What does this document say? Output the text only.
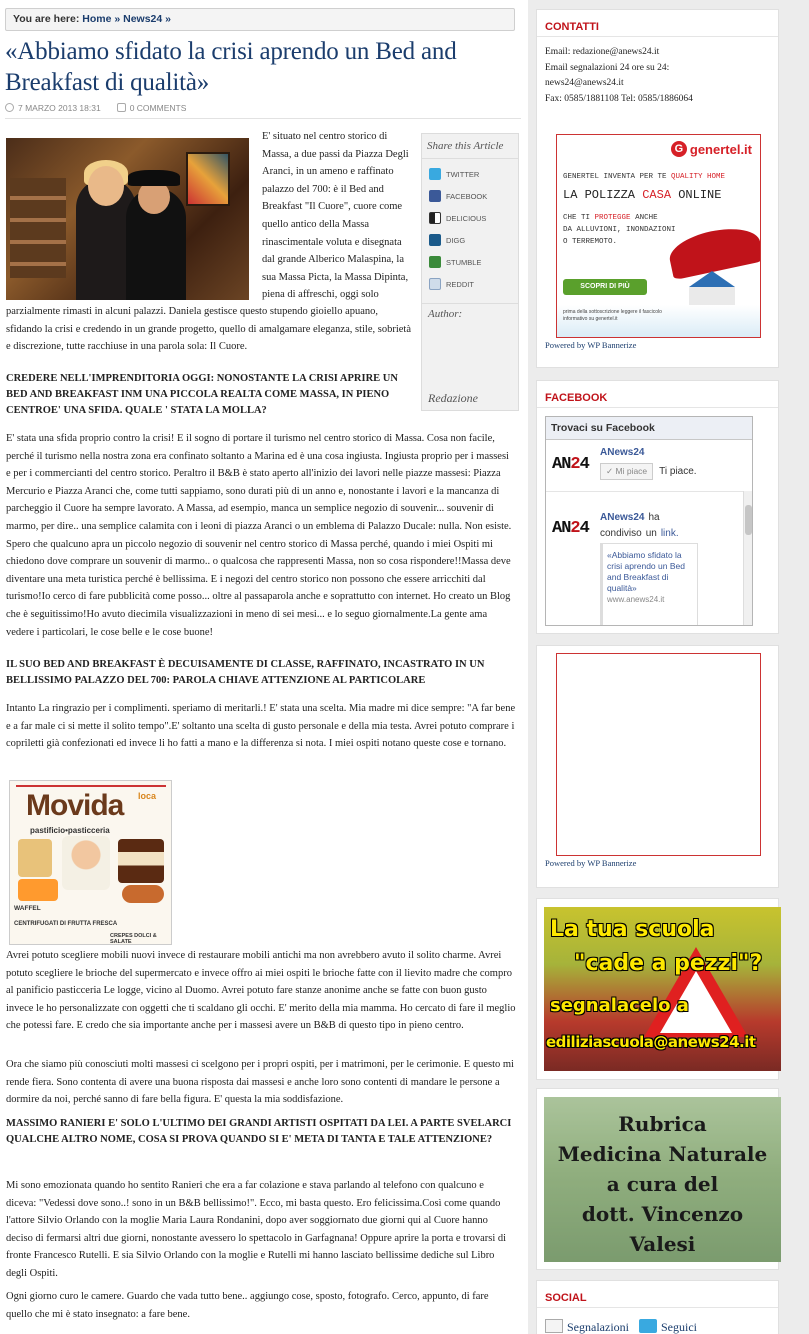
You are here: Home » News24 »
«Abbiamo sfidato la crisi aprendo un Bed and Breakfast di qualità»
7 MARZO 2013 18:31	0 COMMENTS

E' situato nel centro storico di Massa, a due passi da Piazza Degli Aranci, in un ameno e raffinato palazzo del 700: è il Bed and Breakfast "Il Cuore", cuore come quello antico della Massa rinascimentale voluta e disegnata dal grande Alberico Malaspina, la sua Massa Picta, la Massa Dipinta, piena di affreschi, oggi solo

parzialmente rimasti in alcuni palazzi. Daniela gestisce questo stupendo gioiello apuano, sfidando la crisi e credendo in un grande progetto, quello di amalgamare eleganza, stile, sobrietà e discrezione, tutte racchiuse in una parola sola: Il Cuore.

Share this Article
TWITTER
FACEBOOK
DELICIOUS
DIGG
STUMBLE
REDDIT
Author:
Redazione

CREDERE NELL'IMPRENDITORIA OGGI: NONOSTANTE LA CRISI APRIRE UN BED AND BREAKFAST INM UNA PICCOLA REALTA COME MASSA, IN PIENO CENTROE' UNA SFIDA. QUALE ' STATA LA MOLLA?

E' stata una sfida proprio contro la crisi! E il sogno di portare il turismo nel centro storico di Massa. Cosa non facile, perché il turismo nella nostra zona era confinato soltanto a Marina ed è una cosa ingiusta. Ingiusta proprio per i massesi e per i commercianti del centro storico. Peraltro il B&B è stato aperto all'inizio dei lavori nelle piazze massesi: Piazza Mercurio e Piazza Aranci che, come tutti sappiamo, sono durati più di un anno e, nonostante i lavori e la mancanza di parcheggio il Cuore ha sempre lavorato. A Massa, ad esempio, manca un semplice negozio di souvenir... souvenir di marmo, per dire.. una semplice calamita con i leoni di piazza Aranci o un emblema di Palazzo Ducale: nulla. Non esiste. Spero che qualcuno apra un piccolo negozio di souvenir nel centro storico di Massa perché, quando i miei Ospiti mi chiedono dove comprare un souvenir di marmo.. o qualcosa che rappresenti Massa, non so cosa rispondere!!Massa deve diventare una meta turistica perché è bellissima. E i negozi del centro storico non possono che essere arricchiti dal turismo!Io cerco di fare pubblicità come posso... oltre al passaparola anche e soprattutto con internet. Ho creato un Blog che è seguitissimo!Ho avuto diecimila visualizzazioni in meno di sei mesi... e lo seguo giornalmente.La gente ama vedere i particolari, le cose belle e le cose buone!

IL SUO BED AND BREAKFAST È DECUISAMENTE DI CLASSE, RAFFINATO, INCASTRATO IN UN BELLISSIMO PALAZZO DEL 700: PAROLA CHIAVE ATTENZIONE AL PARTICOLARE

Intanto La ringrazio per i complimenti. speriamo di meritarli.! E' stata una scelta. Mia madre mi dice sempre: "A far bene e a far male ci si mette il solito tempo".E' soltanto una scelta di gusto personale e della mia testa. Avrei potuto comprare i copriletti già confezionati ed invece li ho fatti a mano e la differenza si nota. I miei ospiti notano queste cose e tornano.

Movida loca
pastificio•pasticceria
WAFFEL
CENTRIFUGATI DI FRUTTA FRESCA
CREPES DOLCI & SALATE

Avrei potuto scegliere mobili nuovi invece di restaurare mobili antichi ma non avrebbero avuto il solito charme. Avrei potuto scegliere le brioche del supermercato e invece offro ai miei ospiti le brioche fatte con il lievito madre che compro al panificio pasticceria Le logge, vicino al Duomo. Avrei potuto fare stanze anonime anche se fatte con buon gusto invece le ho personalizzate con oggetti che ti scaldano gli occhi. E' merito della mia mamma. Ho cercato di fare il meglio che potessi fare. E credo che sia importante anche per i massesi avere un B&B di questo tipo in pieno centro.

Ora che siamo più conosciuti molti massesi ci scelgono per i propri ospiti, per i matrimoni, per le cerimonie. E questo mi rende fiera. Sono contenta di avere una buona risposta dai massesi e anche loro sono contenti di mandare le persone a dormire da noi, perché sanno di fare bella figura. E' questa la mia soddisfazione.

MASSIMO RANIERI E' SOLO L'ULTIMO DEI GRANDI ARTISTI OSPITATI DA LEI. A PARTE SVELARCI QUALCHE ALTRO NOME, COSA SI PROVA QUANDO SI E' META DI TANTA E TALE ATTENZIONE?

Mi sono emozionata quando ho sentito Ranieri che era a far colazione e stava parlando al telefono con qualcuno e diceva: "Vedessi dove sono..! sono in un B&B bellissimo!". Ecco, mi basta questo. Ero felicissima.Così come quando l'attore Silvio Orlando con la moglie Maria Laura Rondanini, dopo aver soggiornato due giorni qui al Cuore hanno deciso di fermarsi altri due giorni, nonostante avessero lo spettacolo in Garfagnana! Oppure aprire la porta e trovarsi di fronte Francesco Rutelli. E sia Silvio Orlando con la moglie e Rutelli mi hanno lasciato bellissime dediche sul Libro degli Ospiti.

Ogni giorno curo le camere. Guardo che vada tutto bene.. aggiungo cose, sposto, fotografo. Cerco, appunto, di fare quello che mi è stato insegnato: a fare bene.

CONTATTI
Email: redazione@anews24.it
Email segnalazioni 24 ore su 24:
news24@anews24.it
Fax: 0585/1881108 Tel: 0585/1886064
G genertel.it
GENERTEL INVENTA PER TE QUALITY HOME
LA POLIZZA CASA ONLINE
CHE TI PROTEGGE ANCHE
DA ALLUVIONI, INONDAZIONI
O TERREMOTO.
SCOPRI DI PIÙ
prima della sottoscrizione leggere il fascicolo informativo su genertel.it
Powered by WP Bannerize
FACEBOOK
Trovaci su Facebook
AN24
ANews24
✓ Mi piace	Ti piace.
AN24
ANews24 ha
condiviso un link.
«Abbiamo sfidato la crisi aprendo un Bed and Breakfast di qualità»
www.anews24.it
Powered by WP Bannerize
La tua scuola
"cade a pezzi"?
segnalacelo a
ediliziascuola@anews24.it
Rubrica
Medicina Naturale
a cura del
dott. Vincenzo
Valesi
SOCIAL
Segnalazioni	Seguici
